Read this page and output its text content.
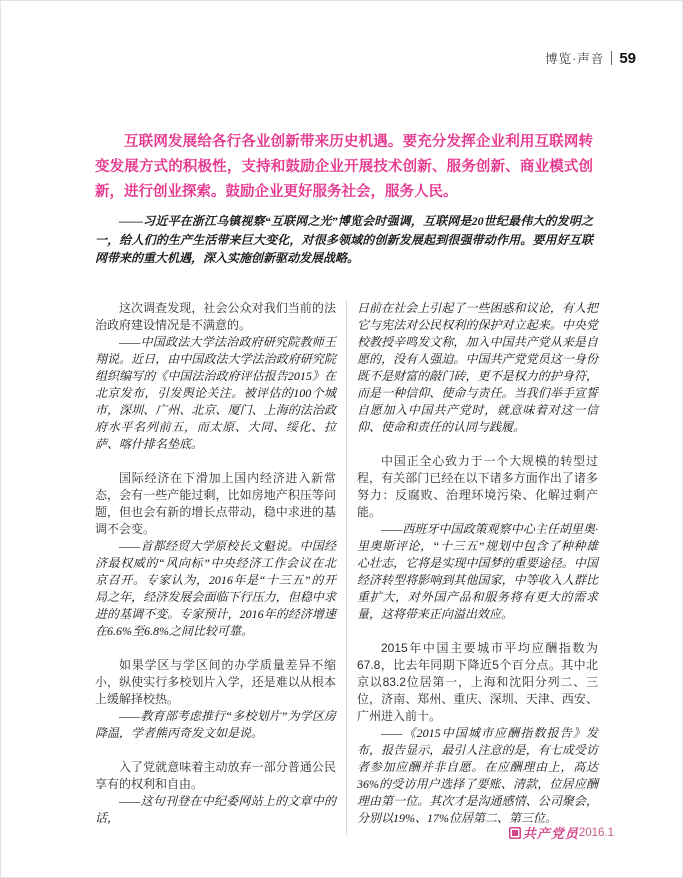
博览·声音 59

互联网发展给各行各业创新带来历史机遇。要充分发挥企业利用互联网转变发展方式的积极性，支持和鼓励企业开展技术创新、服务创新、商业模式创新，进行创业探索。鼓励企业更好服务社会，服务人民。

——习近平在浙江乌镇视察“互联网之光”博览会时强调，互联网是20世纪最伟大的发明之一，给人们的生产生活带来巨大变化，对很多领域的创新发展起到很强带动作用。要用好互联网带来的重大机遇，深入实施创新驱动发展战略。

这次调查发现，社会公众对我们当前的法治政府建设情况是不满意的。

——中国政法大学法治政府研究院教师王翔说。近日，由中国政法大学法治政府研究院组织编写的《中国法治政府评估报告2015》在北京发布，引发舆论关注。被评估的100个城市，深圳、广州、北京、厦门、上海的法治政府水平名列前五，而太原、大同、绥化、拉萨、喀什排名垫底。

国际经济在下滑加上国内经济进入新常态，会有一些产能过剩，比如房地产积压等问题，但也会有新的增长点带动，稳中求进的基调不会变。

——首都经贸大学原校长文魁说。中国经济最权威的“风向标”中央经济工作会议在北京召开。专家认为，2016年是“十三五”的开局之年，经济发展会面临下行压力，但稳中求进的基调不变。专家预计，2016年的经济增速在6.6%至6.8%之间比较可靠。

如果学区与学区间的办学质量差异不缩小，纵使实行多校划片入学，还是难以从根本上缓解择校热。

——教育部考虑推行“多校划片”为学区房降温，学者熊丙奇发文如是说。

入了党就意味着主动放弃一部分普通公民享有的权利和自由。

——这句刊登在中纪委网站上的文章中的话，

日前在社会上引起了一些困惑和议论，有人把它与宪法对公民权利的保护对立起来。中央党校教授辛鸣发文称，加入中国共产党从来是自愿的，没有人强迫。中国共产党党员这一身份既不是财富的敲门砖，更不是权力的护身符，而是一种信仰、使命与责任。当我们举手宣誓自愿加入中国共产党时，就意味着对这一信仰、使命和责任的认同与践履。

中国正全心致力于一个大规模的转型过程，有关部门已经在以下诸多方面作出了诸多努力：反腐败、治理环境污染、化解过剩产能。

——西班牙中国政策观察中心主任胡里奥·里奥斯评论，“十三五”规划中包含了种种雄心壮志，它将是实现中国梦的重要途径。中国经济转型将影响到其他国家，中等收入人群比重扩大，对外国产品和服务将有更大的需求量，这将带来正向溢出效应。

2015年中国主要城市平均应酬指数为67.8，比去年同期下降近5个百分点。其中北京以83.2位居第一，上海和沈阳分列二、三位，济南、郑州、重庆、深圳、天津、西安、广州进入前十。

——《2015中国城市应酬指数报告》发布，报告显示，最引人注意的是，有七成受访者参加应酬并非自愿。在应酬理由上，高达36%的受访用户选择了要账、清款，位居应酬理由第一位。其次才是沟通感情、公司聚会，分别以19%、17%位居第二、第三位。

共产党员 2016.1
